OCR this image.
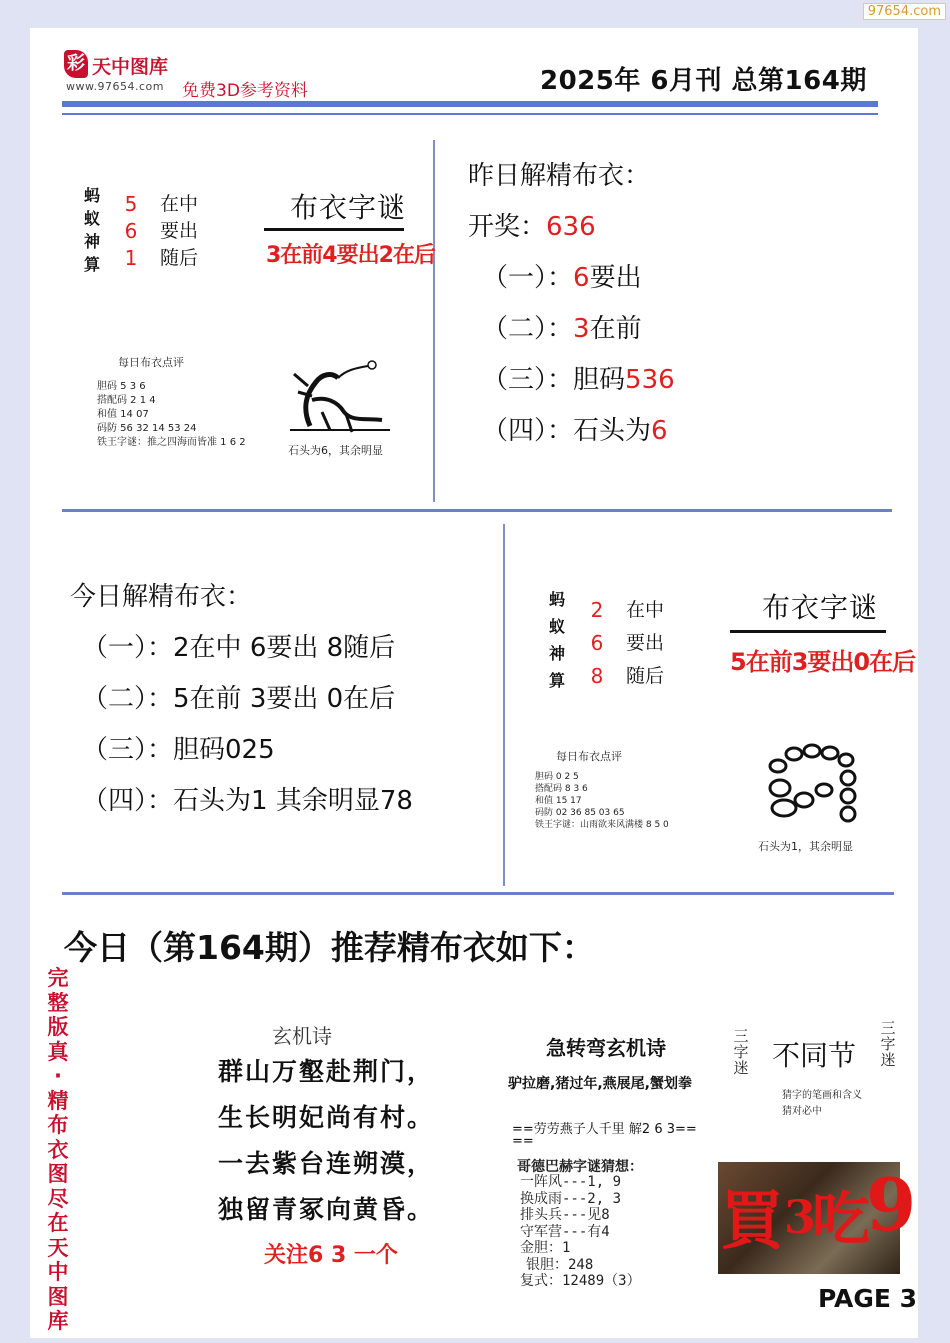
97654.com
彩 天中图库
www.97654.com 免费3D参考资料	2025年 6月刊 总第164期
蚂
蚁
神
算
5
6
1
在中
要出
随后
布衣字谜
3在前4要出2在后
每日布衣点评
胆码 5 3 6
搭配码 2 1 4
和值 14 07
码防 56 32 14 53 24
铁王字谜：推之四海而皆准 1 6 2
石头为6，其余明显
昨日解精布衣：
开奖：636
（一）：6要出
（二）：3在前
（三）：胆码536
（四）：石头为6
今日解精布衣：
（一）：2在中 6要出 8随后
（二）：5在前 3要出 0在后
（三）：胆码025
（四）：石头为1 其余明显78
蚂
蚁
神
算
2
6
8
在中
要出
随后
布衣字谜
5在前3要出0在后
每日布衣点评
胆码 0 2 5
搭配码 8 3 6
和值 15 17
码防 02 36 85 03 65
铁王字谜：山雨欲来风满楼 8 5 0
石头为1，其余明显
今日（第164期）推荐精布衣如下：
完整版真·精布衣图尽在天中图库
玄机诗
群山万壑赴荆门，
生长明妃尚有村。
一去紫台连朔漠，
独留青冢向黄昏。
关注6 3 一个
急转弯玄机诗
驴拉磨,猪过年,燕展尾,蟹划拳
==劳劳燕子人千里 解2 6 3==
==
哥德巴赫字谜猜想：
一阵风---1, 9
换成雨---2, 3
排头兵---见8
守军营---有4
金胆：1
银胆：248
复式：12489（3）
三字迷
三字迷
不同节
猜字的笔画和含义
猜对必中
買 3
吃
9
PAGE 3
